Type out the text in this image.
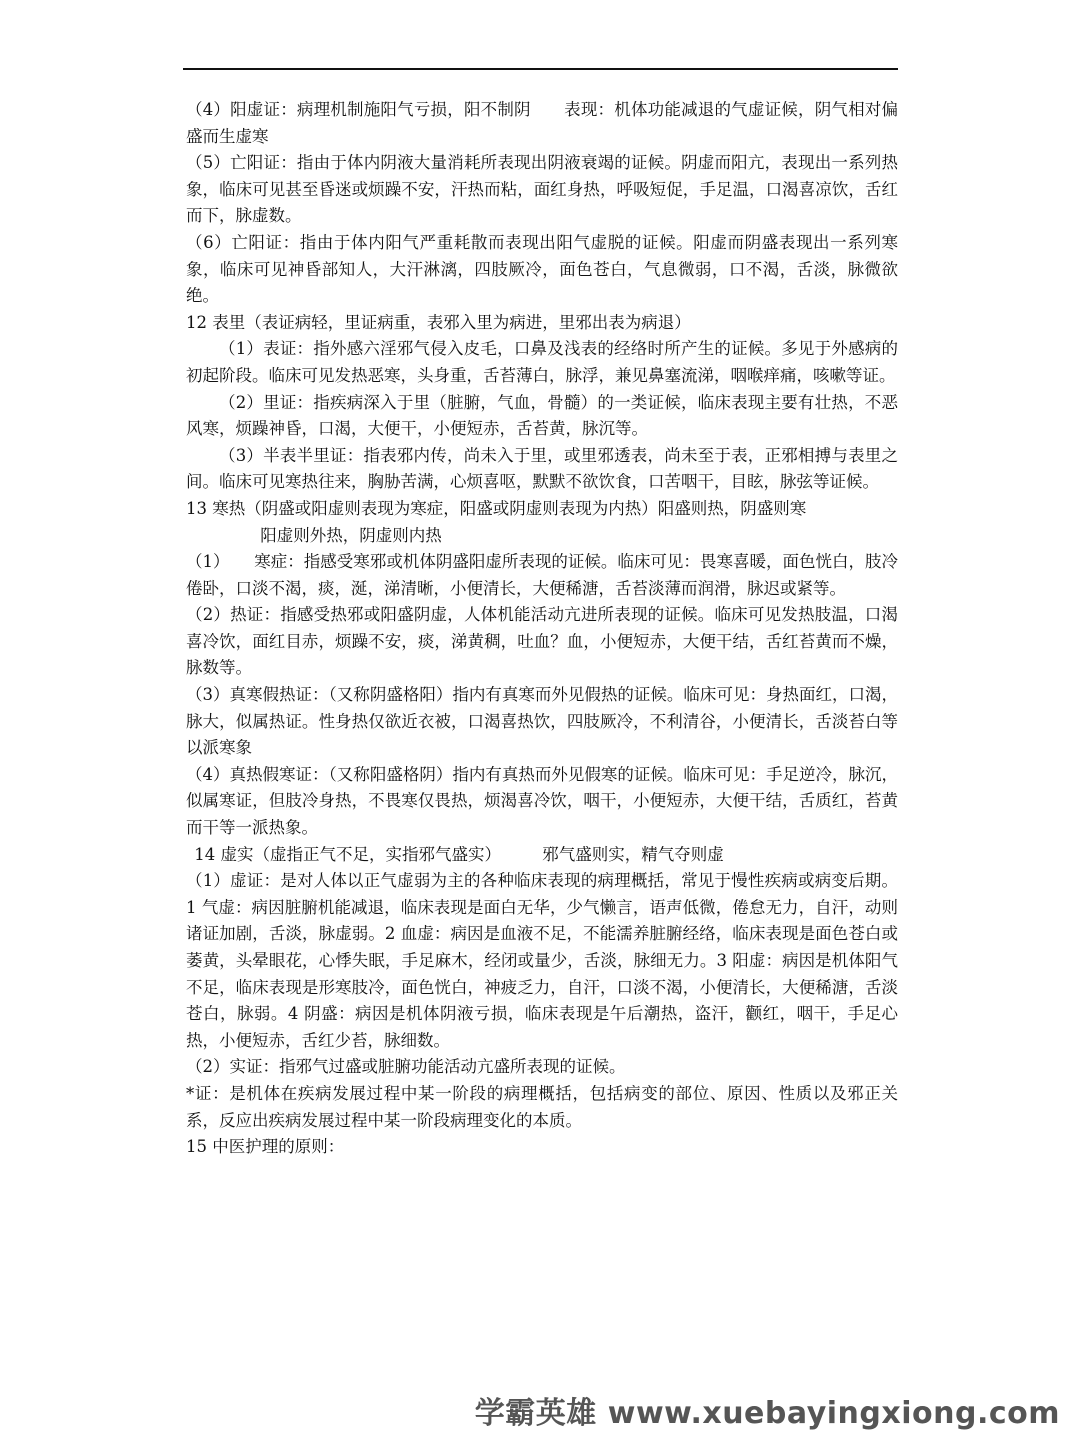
（4）阳虚证：病理机制施阳气亏损，阳不制阴　　表现：机体功能减退的气虚证候，阴气相对偏盛而生虚寒

（5）亡阳证：指由于体内阴液大量消耗所表现出阴液衰竭的证候。阴虚而阳亢，表现出一系列热象，临床可见甚至昏迷或烦躁不安，汗热而粘，面红身热，呼吸短促，手足温，口渴喜凉饮，舌红而下，脉虚数。

（6）亡阳证：指由于体内阳气严重耗散而表现出阳气虚脱的证候。阳虚而阴盛表现出一系列寒象，临床可见神昏部知人，大汗淋漓，四肢厥冷，面色苍白，气息微弱，口不渴，舌淡，脉微欲绝。

12 表里（表证病轻，里证病重，表邪入里为病进，里邪出表为病退）

（1）表证：指外感六淫邪气侵入皮毛，口鼻及浅表的经络时所产生的证候。多见于外感病的初起阶段。临床可见发热恶寒，头身重，舌苔薄白，脉浮，兼见鼻塞流涕，咽喉痒痛，咳嗽等证。

（2）里证：指疾病深入于里（脏腑，气血，骨髓）的一类证候，临床表现主要有壮热，不恶风寒，烦躁神昏，口渴，大便干，小便短赤，舌苔黄，脉沉等。

（3）半表半里证：指表邪内传，尚未入于里，或里邪透表，尚未至于表，正邪相搏与表里之间。临床可见寒热往来，胸胁苦满，心烦喜呕，默默不欲饮食，口苦咽干，目眩，脉弦等证候。

13 寒热（阴盛或阳虚则表现为寒症，阳盛或阴虚则表现为内热）阳盛则热，阴盛则寒

阳虚则外热，阴虚则内热

（1）　　寒症：指感受寒邪或机体阴盛阳虚所表现的证候。临床可见：畏寒喜暖，面色恍白，肢冷倦卧，口淡不渴，痰，涎，涕清晰，小便清长，大便稀溏，舌苔淡薄而润滑，脉迟或紧等。

（2）热证：指感受热邪或阳盛阴虚，人体机能活动亢进所表现的证候。临床可见发热肢温，口渴喜冷饮，面红目赤，烦躁不安，痰，涕黄稠，吐血？血，小便短赤，大便干结，舌红苔黄而不燥，脉数等。

（3）真寒假热证：（又称阴盛格阳）指内有真寒而外见假热的证候。临床可见：身热面红，口渴，脉大，似属热证。性身热仅欲近衣被，口渴喜热饮，四肢厥冷，不利清谷，小便清长，舌淡苔白等以派寒象

（4）真热假寒证：（又称阳盛格阴）指内有真热而外见假寒的证候。临床可见：手足逆冷，脉沉，似属寒证，但肢冷身热，不畏寒仅畏热，烦渴喜冷饮，咽干，小便短赤，大便干结，舌质红，苔黄而干等一派热象。

14 虚实（虚指正气不足，实指邪气盛实）　　　邪气盛则实，精气夺则虚

（1）虚证：是对人体以正气虚弱为主的各种临床表现的病理概括，常见于慢性疾病或病变后期。1 气虚：病因脏腑机能减退，临床表现是面白无华，少气懒言，语声低微，倦怠无力，自汗，动则诸证加剧，舌淡，脉虚弱。2 血虚：病因是血液不足，不能濡养脏腑经络，临床表现是面色苍白或萎黄，头晕眼花，心悸失眠，手足麻木，经闭或量少，舌淡，脉细无力。3 阳虚：病因是机体阳气不足，临床表现是形寒肢冷，面色恍白，神疲乏力，自汗，口淡不渴，小便清长，大便稀溏，舌淡苍白，脉弱。4 阴盛：病因是机体阴液亏损，临床表现是午后潮热，盗汗，颧红，咽干，手足心热，小便短赤，舌红少苔，脉细数。

（2）实证：指邪气过盛或脏腑功能活动亢盛所表现的证候。

*证：是机体在疾病发展过程中某一阶段的病理概括，包括病变的部位、原因、性质以及邪正关系，反应出疾病发展过程中某一阶段病理变化的本质。

15 中医护理的原则：

学霸英雄 www.xuebayingxiong.com
